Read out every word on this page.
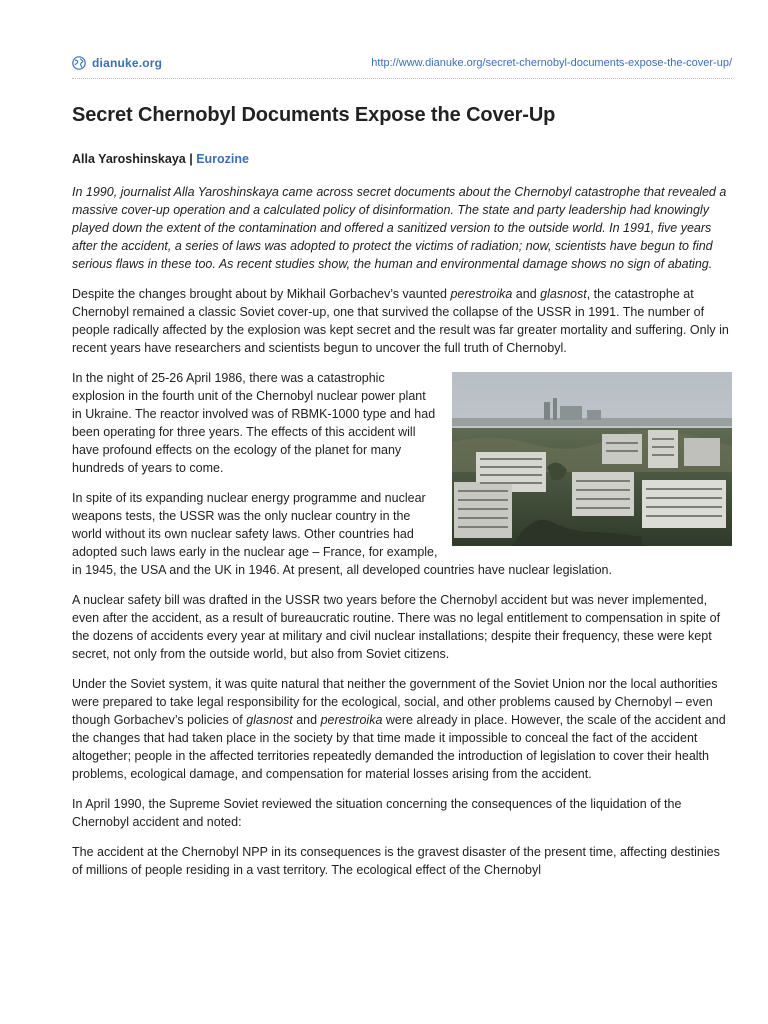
dianuke.org	http://www.dianuke.org/secret-chernobyl-documents-expose-the-cover-up/
Secret Chernobyl Documents Expose the Cover-Up
Alla Yaroshinskaya | Eurozine

In 1990, journalist Alla Yaroshinskaya came across secret documents about the Chernobyl catastrophe that revealed a massive cover-up operation and a calculated policy of disinformation. The state and party leadership had knowingly played down the extent of the contamination and offered a sanitized version to the outside world. In 1991, five years after the accident, a series of laws was adopted to protect the victims of radiation; now, scientists have begun to find serious flaws in these too. As recent studies show, the human and environmental damage shows no sign of abating.

Despite the changes brought about by Mikhail Gorbachev’s vaunted perestroika and glasnost, the catastrophe at Chernobyl remained a classic Soviet cover-up, one that survived the collapse of the USSR in 1991. The number of people radically affected by the explosion was kept secret and the result was far greater mortality and suffering. Only in recent years have researchers and scientists begun to uncover the full truth of Chernobyl.

In the night of 25-26 April 1986, there was a catastrophic explosion in the fourth unit of the Chernobyl nuclear power plant in Ukraine. The reactor involved was of RBMK-1000 type and had been operating for three years. The effects of this accident will have profound effects on the ecology of the planet for many hundreds of years to come.

In spite of its expanding nuclear energy programme and nuclear weapons tests, the USSR was the only nuclear country in the world without its own nuclear safety laws. Other countries had adopted such laws early in the nuclear age – France, for example, in 1945, the USA and the UK in 1946. At present, all developed countries have nuclear legislation.

A nuclear safety bill was drafted in the USSR two years before the Chernobyl accident but was never implemented, even after the accident, as a result of bureaucratic routine. There was no legal entitlement to compensation in spite of the dozens of accidents every year at military and civil nuclear installations; despite their frequency, these were kept secret, not only from the outside world, but also from Soviet citizens.

Under the Soviet system, it was quite natural that neither the government of the Soviet Union nor the local authorities were prepared to take legal responsibility for the ecological, social, and other problems caused by Chernobyl – even though Gorbachev’s policies of glasnost and perestroika were already in place. However, the scale of the accident and the changes that had taken place in the society by that time made it impossible to conceal the fact of the accident altogether; people in the affected territories repeatedly demanded the introduction of legislation to cover their health problems, ecological damage, and compensation for material losses arising from the accident.

In April 1990, the Supreme Soviet reviewed the situation concerning the consequences of the liquidation of the Chernobyl accident and noted:

The accident at the Chernobyl NPP in its consequences is the gravest disaster of the present time, affecting destinies of millions of people residing in a vast territory. The ecological effect of the Chernobyl
